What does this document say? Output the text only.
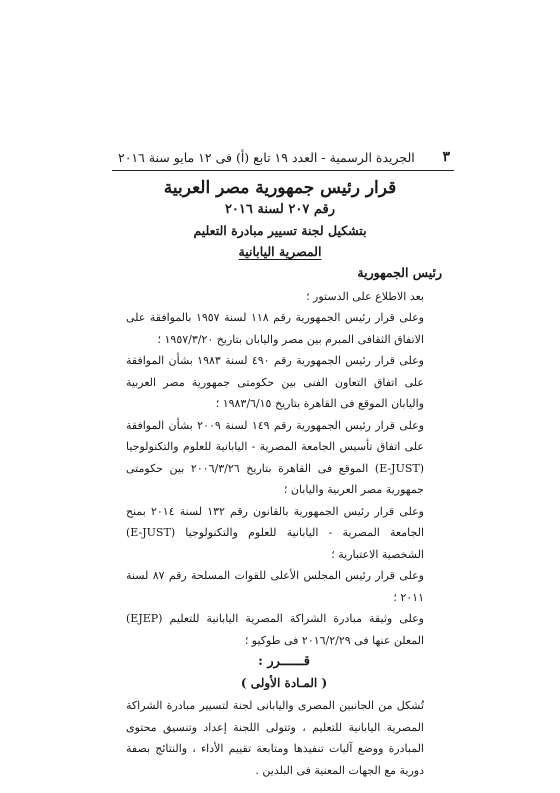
الجريدة الرسمية - العدد ١٩ تابع (أ) فى ١٢ مايو سنة ٢٠١٦ ٣

قرار رئيس جمهورية مصر العربية

رقم ٢٠٧ لسنة ٢٠١٦

بتشكيل لجنة تسيير مبادرة التعليم

المصرية اليابانية

رئيس الجمهورية

بعد الاطلاع على الدستور ؛

وعلى قرار رئيس الجمهورية رقم ١١٨ لسنة ١٩٥٧ بالموافقة على الاتفاق الثقافى المبرم بين مصر واليابان بتاريخ ١٩٥٧/٣/٢٠ ؛

وعلى قرار رئيس الجمهورية رقم ٤٩٠ لسنة ١٩٨٣ بشأن الموافقة على اتفاق التعاون الفنى بين حكومتى جمهورية مصر العربية واليابان الموقع فى القاهرة بتاريخ ١٩٨٣/٦/١٥ ؛

وعلى قرار رئيس الجمهورية رقم ١٤٩ لسنة ٢٠٠٩ بشأن الموافقة على اتفاق تأسيس الجامعة المصرية - اليابانية للعلوم والتكنولوجيا (E-JUST) الموقع فى القاهرة بتاريخ ٢٠٠٦/٣/٢٦ بين حكومتى جمهورية مصر العربية واليابان ؛

وعلى قرار رئيس الجمهورية بالقانون رقم ١٣٢ لسنة ٢٠١٤ بمنح الجامعة المصرية - اليابانية للعلوم والتكنولوجيا (E-JUST) الشخصية الاعتبارية ؛

وعلى قرار رئيس المجلس الأعلى للقوات المسلحة رقم ٨٧ لسنة ٢٠١١ ؛

وعلى وثيقة مبادرة الشراكة المصرية اليابانية للتعليم (EJEP) المعلن عنها فى ٢٠١٦/٢/٢٩ فى طوكيو ؛

قــــــرر :

( المـادة الأولى )

تُشكل من الجانبين المصرى واليابانى لجنة لتسيير مبادرة الشراكة المصرية اليابانية للتعليم ، وتتولى اللجنة إعداد وتنسيق محتوى المبادرة ووضع آليات تنفيذها ومتابعة تقييم الأداء ، والنتائج بصفة دورية مع الجهات المعنية فى البلدين .
